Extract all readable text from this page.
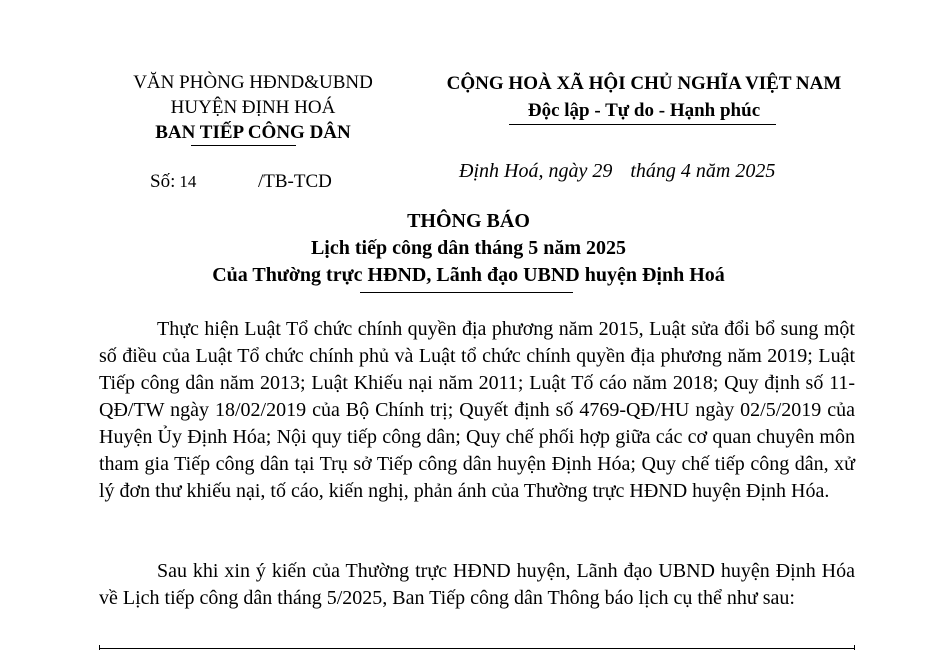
VĂN PHÒNG HĐND&UBND
HUYỆN ĐỊNH HOÁ
BAN TIẾP CÔNG DÂN
CỘNG HOÀ XÃ HỘI CHỦ NGHĨA VIỆT NAM
Độc lập - Tự do - Hạnh phúc
Số: 14	/TB-TCD	Định Hoá, ngày 29 tháng 4 năm 2025
THÔNG BÁO
Lịch tiếp công dân tháng 5 năm 2025
Của Thường trực HĐND, Lãnh đạo UBND huyện Định Hoá
Thực hiện Luật Tổ chức chính quyền địa phương năm 2015, Luật sửa đổi bổ sung một số điều của Luật Tổ chức chính phủ và Luật tổ chức chính quyền địa phương năm 2019; Luật Tiếp công dân năm 2013; Luật Khiếu nại năm 2011; Luật Tố cáo năm 2018; Quy định số 11-QĐ/TW ngày 18/02/2019 của Bộ Chính trị; Quyết định số 4769-QĐ/HU ngày 02/5/2019 của Huyện Ủy Định Hóa; Nội quy tiếp công dân; Quy chế phối hợp giữa các cơ quan chuyên môn tham gia Tiếp công dân tại Trụ sở Tiếp công dân huyện Định Hóa; Quy chế tiếp công dân, xử lý đơn thư khiếu nại, tố cáo, kiến nghị, phản ánh của Thường trực HĐND huyện Định Hóa.
Sau khi xin ý kiến của Thường trực HĐND huyện, Lãnh đạo UBND huyện Định Hóa về Lịch tiếp công dân tháng 5/2025, Ban Tiếp công dân Thông báo lịch cụ thể như sau:
